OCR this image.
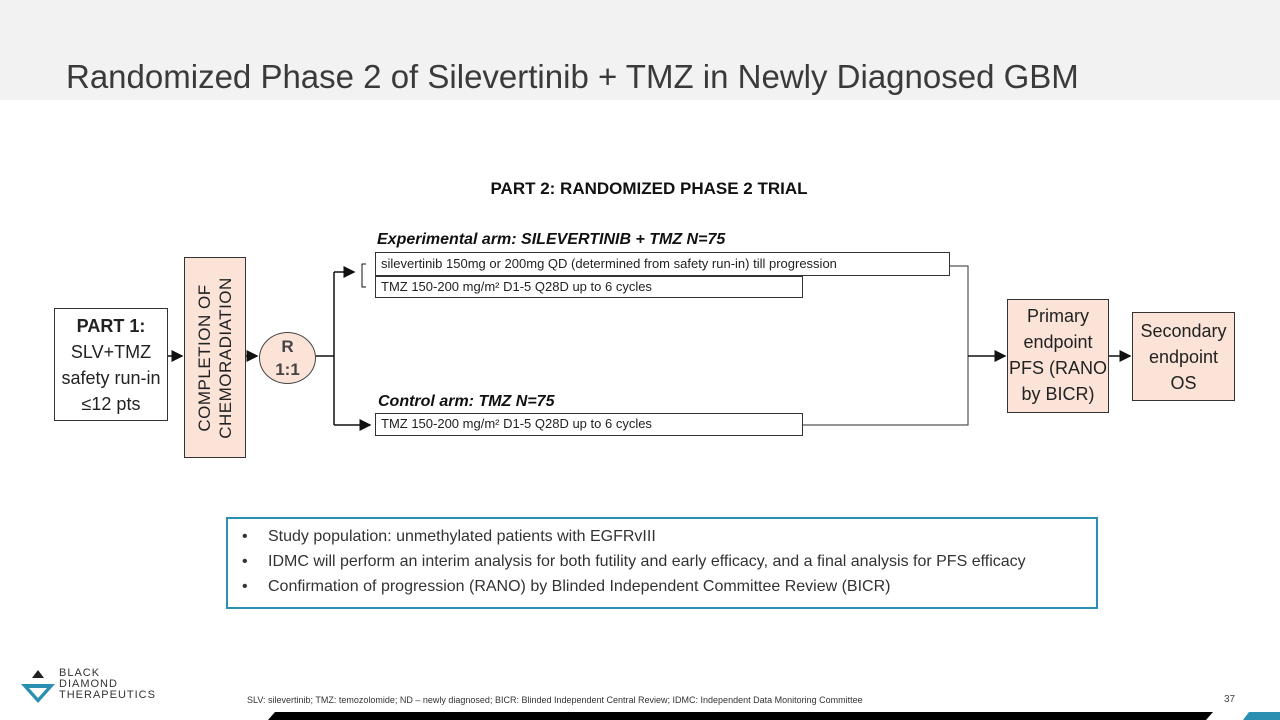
Randomized Phase 2 of Silevertinib + TMZ in Newly Diagnosed GBM
PART 2: RANDOMIZED PHASE 2 TRIAL
PART 1:
SLV+TMZ
safety run-in
≤12 pts	COMPLETION OF CHEMORADIATION	R
1:1
Experimental arm: SILEVERTINIB + TMZ N=75
silevertinib 150mg or 200mg QD (determined from safety run-in) till progression
TMZ 150-200 mg/m² D1-5 Q28D up to 6 cycles
Control arm: TMZ N=75
TMZ 150-200 mg/m² D1-5 Q28D up to 6 cycles
Primary
endpoint
PFS (RANO
by BICR)
Secondary
endpoint
OS
• Study population: unmethylated patients with EGFRvIII
• IDMC will perform an interim analysis for both futility and early efficacy, and a final analysis for PFS efficacy
• Confirmation of progression (RANO) by Blinded Independent Committee Review (BICR)
BLACK
DIAMOND
THERAPEUTICS	SLV: silevertinib; TMZ: temozolomide; ND – newly diagnosed; BICR: Blinded Independent Central Review; IDMC: Independent Data Monitoring Committee	37
